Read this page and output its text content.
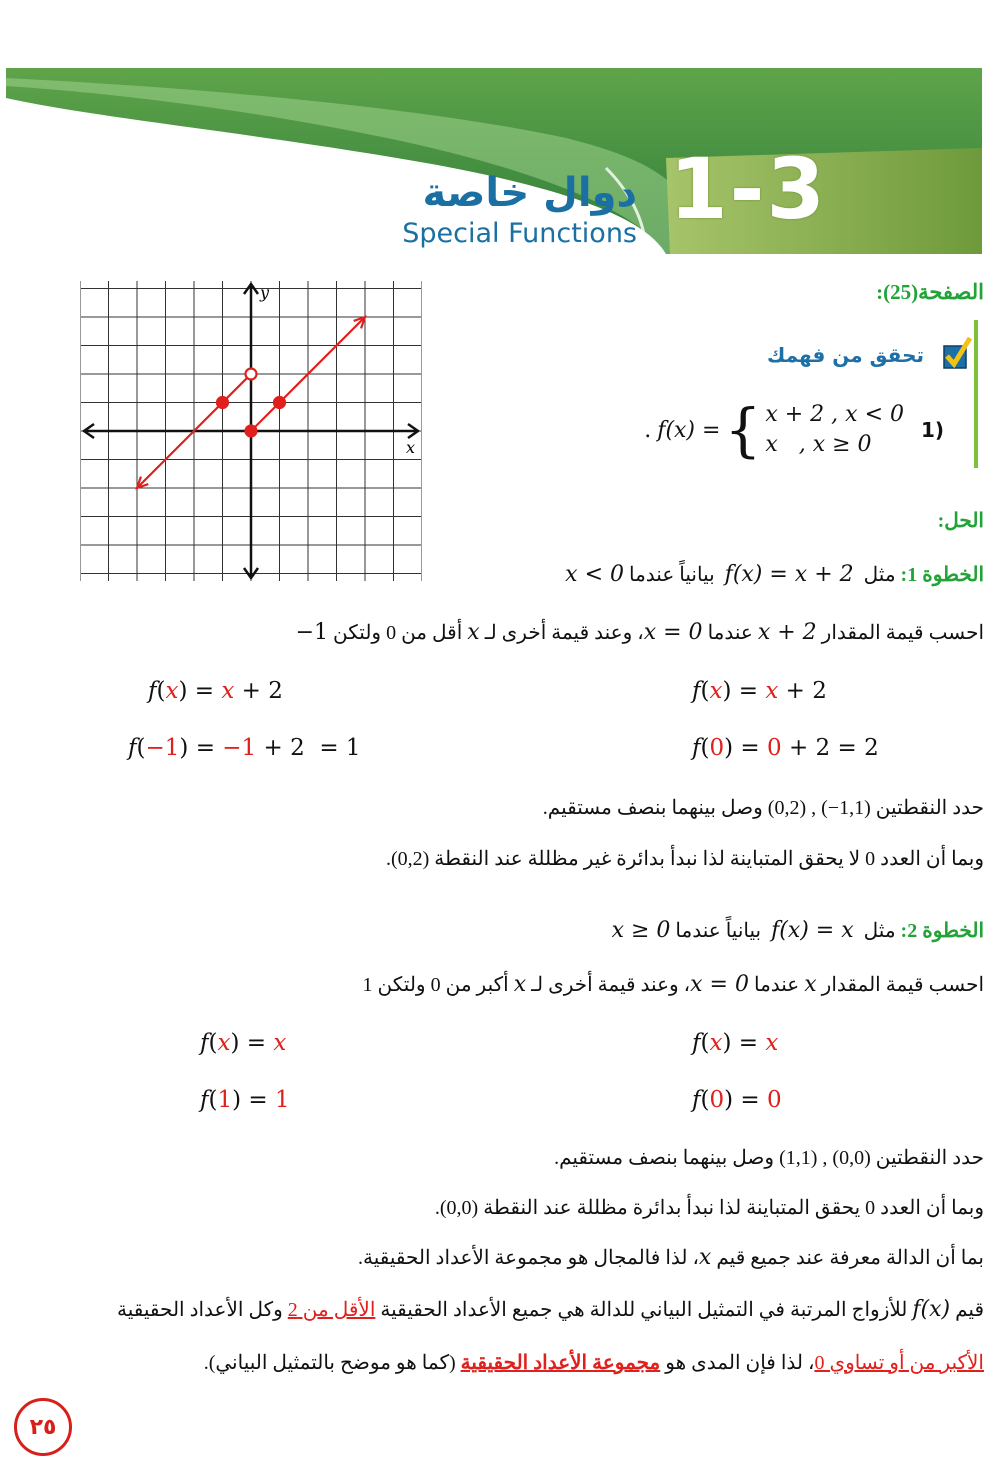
1-3
دوال خاصة
Special Functions
x
y	الصفحة(25):
تحقق من فهمك
1)
. f(x) = { x + 2 , x < 0
x   , x ≥ 0
الحل:
الخطوة 1: مثل  f(x) = x + 2  بيانياً عندما x < 0
احسب قيمة المقدار x + 2 عندما x = 0، وعند قيمة أخرى لـ x أقل من 0 ولتكن −1
f(x) = x + 2
f(0) = 0 + 2 = 2
f(x) = x + 2
f(−1) = −1 + 2  = 1
حدد النقطتين (1,1−) , (0,2) وصل بينهما بنصف مستقيم.
وبما أن العدد 0 لا يحقق المتباينة لذا نبدأ بدائرة غير مظللة عند النقطة (0,2).
الخطوة 2: مثل  f(x) = x  بيانياً عندما x ≥ 0
احسب قيمة المقدار x عندما x = 0، وعند قيمة أخرى لـ x أكبر من 0 ولتكن 1
f(x) = x
f(0) = 0
f(x) = x
f(1) = 1
حدد النقطتين (0,0) , (1,1) وصل بينهما بنصف مستقيم.
وبما أن العدد 0 يحقق المتباينة لذا نبدأ بدائرة مظللة عند النقطة (0,0).
بما أن الدالة معرفة عند جميع قيم x، لذا فالمجال هو مجموعة الأعداد الحقيقية.
قيم f(x) للأزواج المرتبة في التمثيل البياني للدالة هي جميع الأعداد الحقيقية الأقل من 2 وكل الأعداد الحقيقية
الأكبر من أو تساوي 0، لذا فإن المدى هو مجموعة الأعداد الحقيقية (كما هو موضح بالتمثيل البياني).
٢٥
